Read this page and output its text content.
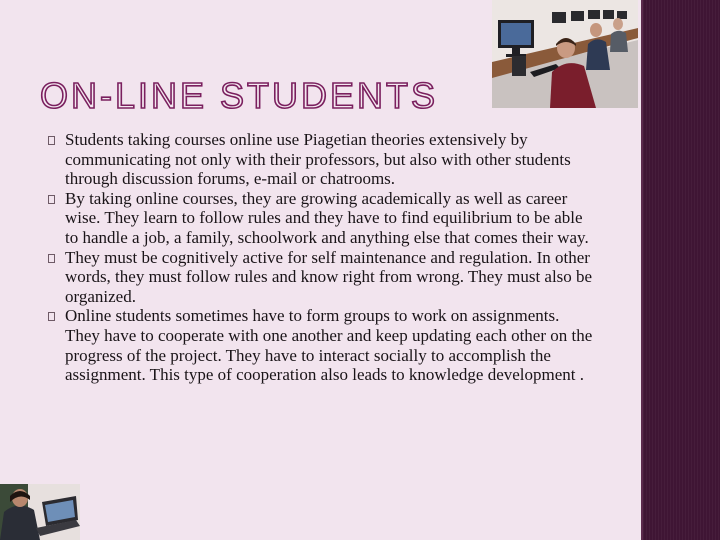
ON-LINE STUDENTS
Students taking courses online use Piagetian theories extensively by communicating not only with their professors, but also with other students through discussion forums, e-mail or chatrooms.
By taking online courses, they are growing academically as well as career wise. They learn to follow rules and they have to find equilibrium to be able to handle a job, a family, schoolwork and anything else that comes their way.
They must be cognitively active for self maintenance and regulation. In other words, they must follow rules and know right from wrong. They must also be organized.
Online students sometimes have to form groups to work on assignments. They have to cooperate with one another and keep updating each other on the progress of the project. They have to interact socially to accomplish the assignment. This type of cooperation also leads to knowledge development .
